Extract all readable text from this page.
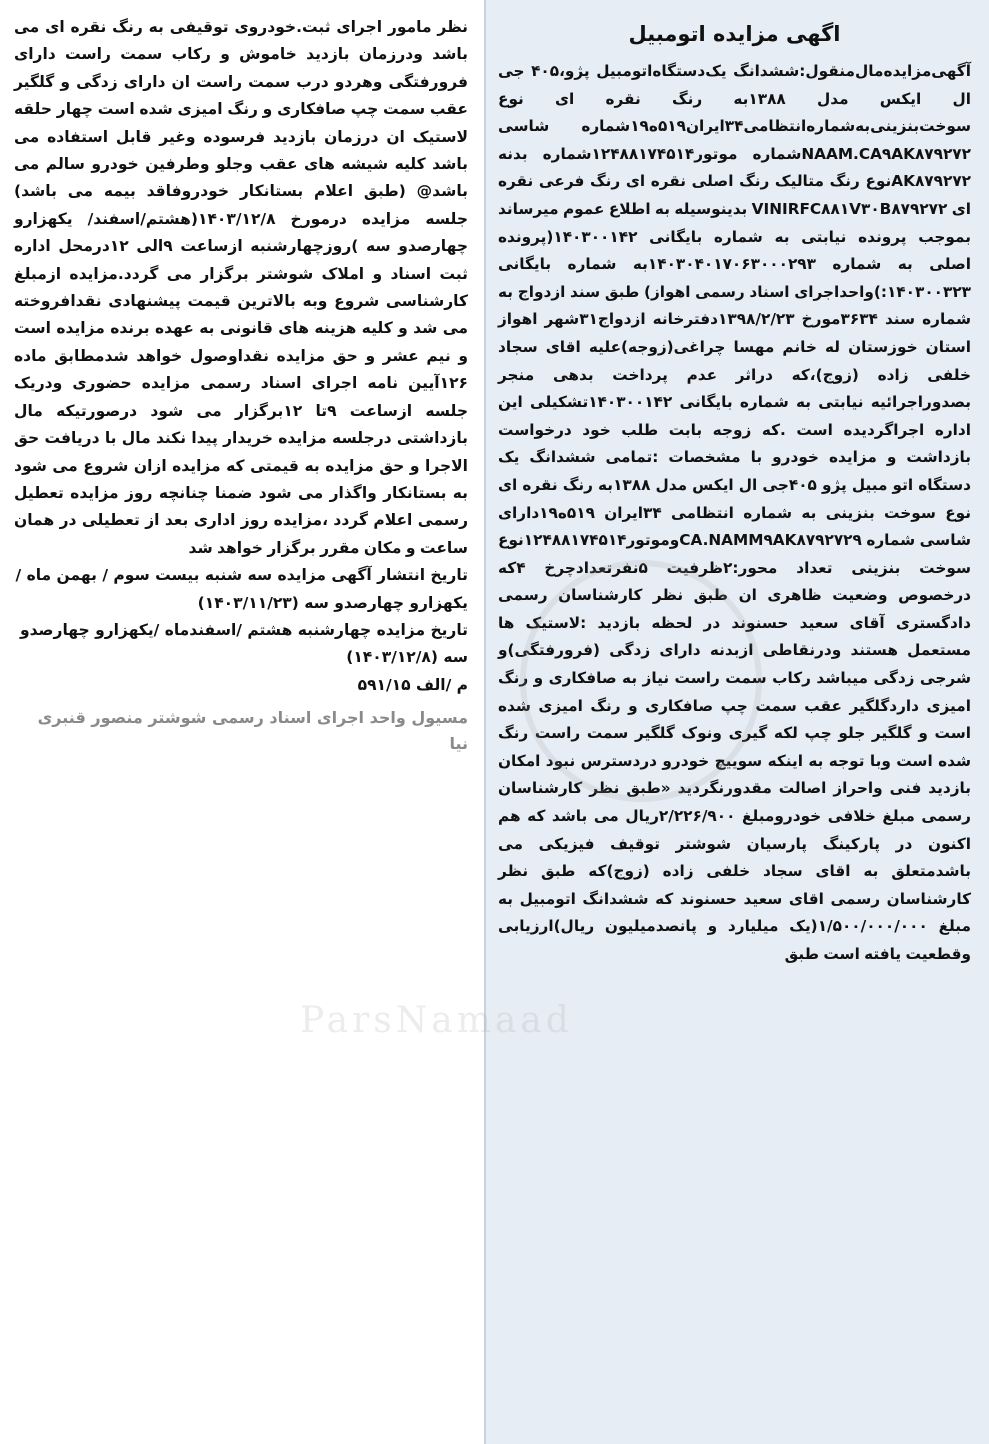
اگهی مزایده اتومبیل

آگهی‌مزایده‌مال‌منقول:ششدانگ یک‌دستگاه‌اتومبیل پژو،۴۰۵ جی ال ایکس مدل ۱۳۸۸به رنگ نقره ای نوع سوخت‌بنزینی‌به‌شماره‌انتظامی۳۴ایران۵۱۹ه۱۹شماره شاسی NAAM.CA۹AK۸۷۹۲۷۲شماره موتور۱۲۴۸۸۱۷۴۵۱۴شماره بدنه AK۸۷۹۲۷۲نوع رنگ متالیک رنگ اصلی نقره ای رنگ فرعی نقره ای VINIRFC۸۸۱V۳۰B۸۷۹۲۷۲ بدینوسیله به اطلاع عموم میرساند بموجب پرونده نیابتی به شماره بایگانی ۱۴۰۳۰۰۱۴۲(پرونده اصلی به شماره ۱۴۰۳۰۴۰۱۷۰۶۳۰۰۰۲۹۳به شماره بایگانی ۱۴۰۳۰۰۳۲۳:)واحداجرای اسناد رسمی اهواز) طبق سند ازدواج به شماره سند ۳۶۳۴مورخ ۱۳۹۸/۲/۲۳دفترخانه ازدواج۳۱شهر اهواز استان خوزستان له خانم مهسا چراغی(زوجه)علیه اقای سجاد خلفی زاده (زوج)،که دراثر عدم پرداخت بدهی منجر بصدوراجرائیه نیابتی به شماره بایگانی ۱۴۰۳۰۰۱۴۲تشکیلی این اداره اجراگردیده است .که زوجه بابت طلب خود درخواست بازداشت و مزایده خودرو با مشخصات :تمامی ششدانگ یک دستگاه اتو مبیل پژو ۴۰۵جی ال ایکس مدل ۱۳۸۸به رنگ نقره ای نوع سوخت بنزینی به شماره انتظامی ۳۴ایران ۵۱۹ه۱۹دارای شاسی شماره CA.NAMM۹AK۸۷۹۲۷۲۹وموتور۱۲۴۸۸۱۷۴۵۱۴نوع سوخت بنزینی تعداد محور:۲ظرفیت ۵نفرتعدادچرخ ۴که درخصوص وضعیت ظاهری ان طبق نظر کارشناسان رسمی دادگستری آقای سعید حسنوند در لحظه بازدید :لاستیک ها مستعمل هستند ودرنقاطی ازبدنه دارای زدگی (فرورفتگی)و شرجی زدگی میباشد رکاب سمت راست نیاز به صافکاری و رنگ امیزی داردگلگیر عقب سمت چپ صافکاری و رنگ امیزی شده است و گلگیر جلو چپ لکه گیری ونوک گلگیر سمت راست رنگ شده است وبا توجه به اینکه سوییچ خودرو دردسترس نبود امکان بازدید فنی واحراز اصالت مقدورنگردید «طبق نظر کارشناسان رسمی مبلغ خلافی خودرومبلغ ۲/۲۲۶/۹۰۰ریال می باشد که هم اکنون در پارکینگ پارسیان شوشتر توقیف فیزیکی می باشدمتعلق به اقای سجاد خلفی زاده (زوج)که طبق نظر کارشناسان رسمی اقای سعید حسنوند که ششدانگ اتومبیل به مبلغ ۱/۵۰۰/۰۰۰/۰۰۰(یک میلیارد و پانصدمیلیون ریال)ارزیابی وقطعیت یافته است طبق

نظر مامور اجرای ثبت.خودروی توقیفی به رنگ نقره ای می باشد ودرزمان بازدید خاموش و رکاب سمت راست دارای فرورفتگی وهردو درب سمت راست ان دارای زدگی و گلگیر عقب سمت چپ صافکاری و رنگ امیزی شده است چهار حلقه لاستیک ان درزمان بازدید فرسوده وغیر قابل استفاده می باشد کلیه شیشه های عقب وجلو وطرفین خودرو سالم می باشد@ (طبق اعلام بستانکار خودروفاقد بیمه می باشد) جلسه مزایده درمورخ ۱۴۰۳/۱۲/۸(هشتم/اسفند/ یکهزارو چهارصدو سه )روزچهارشنبه ازساعت ۹الی ۱۲درمحل اداره ثبت اسناد و املاک شوشتر برگزار می گردد.مزایده ازمبلغ کارشناسی شروع وبه بالاترین قیمت پیشنهادی نقدافروخته می شد و کلیه هزینه های قانونی به عهده برنده مزایده است و نیم عشر و حق مزایده نقداوصول خواهد شدمطابق ماده ۱۲۶آیین نامه اجرای اسناد رسمی مزایده حضوری ودریک جلسه ازساعت ۹تا ۱۲برگزار می شود درصورتیکه مال بازداشتی درجلسه مزایده خریدار پیدا نکند مال با دریافت حق الاجرا و حق مزایده به قیمتی که مزایده ازان شروع می شود به بستانکار واگذار می شود ضمنا چنانچه روز مزایده تعطیل رسمی اعلام گردد ،مزایده روز اداری بعد از تعطیلی در همان ساعت و مکان مقرر برگزار خواهد شد

تاریخ انتشار آگهی مزایده سه شنبه بیست سوم / بهمن ماه /یکهزارو چهارصدو سه (۱۴۰۳/۱۱/۲۳)

تاریخ مزایده چهارشنبه هشتم /اسفندماه /یکهزارو چهارصدو سه (۱۴۰۳/۱۲/۸)

م /الف ۵۹۱/۱۵

مسیول واحد اجرای اسناد رسمی شوشتر منصور قنبری نیا
ParsNamaad
